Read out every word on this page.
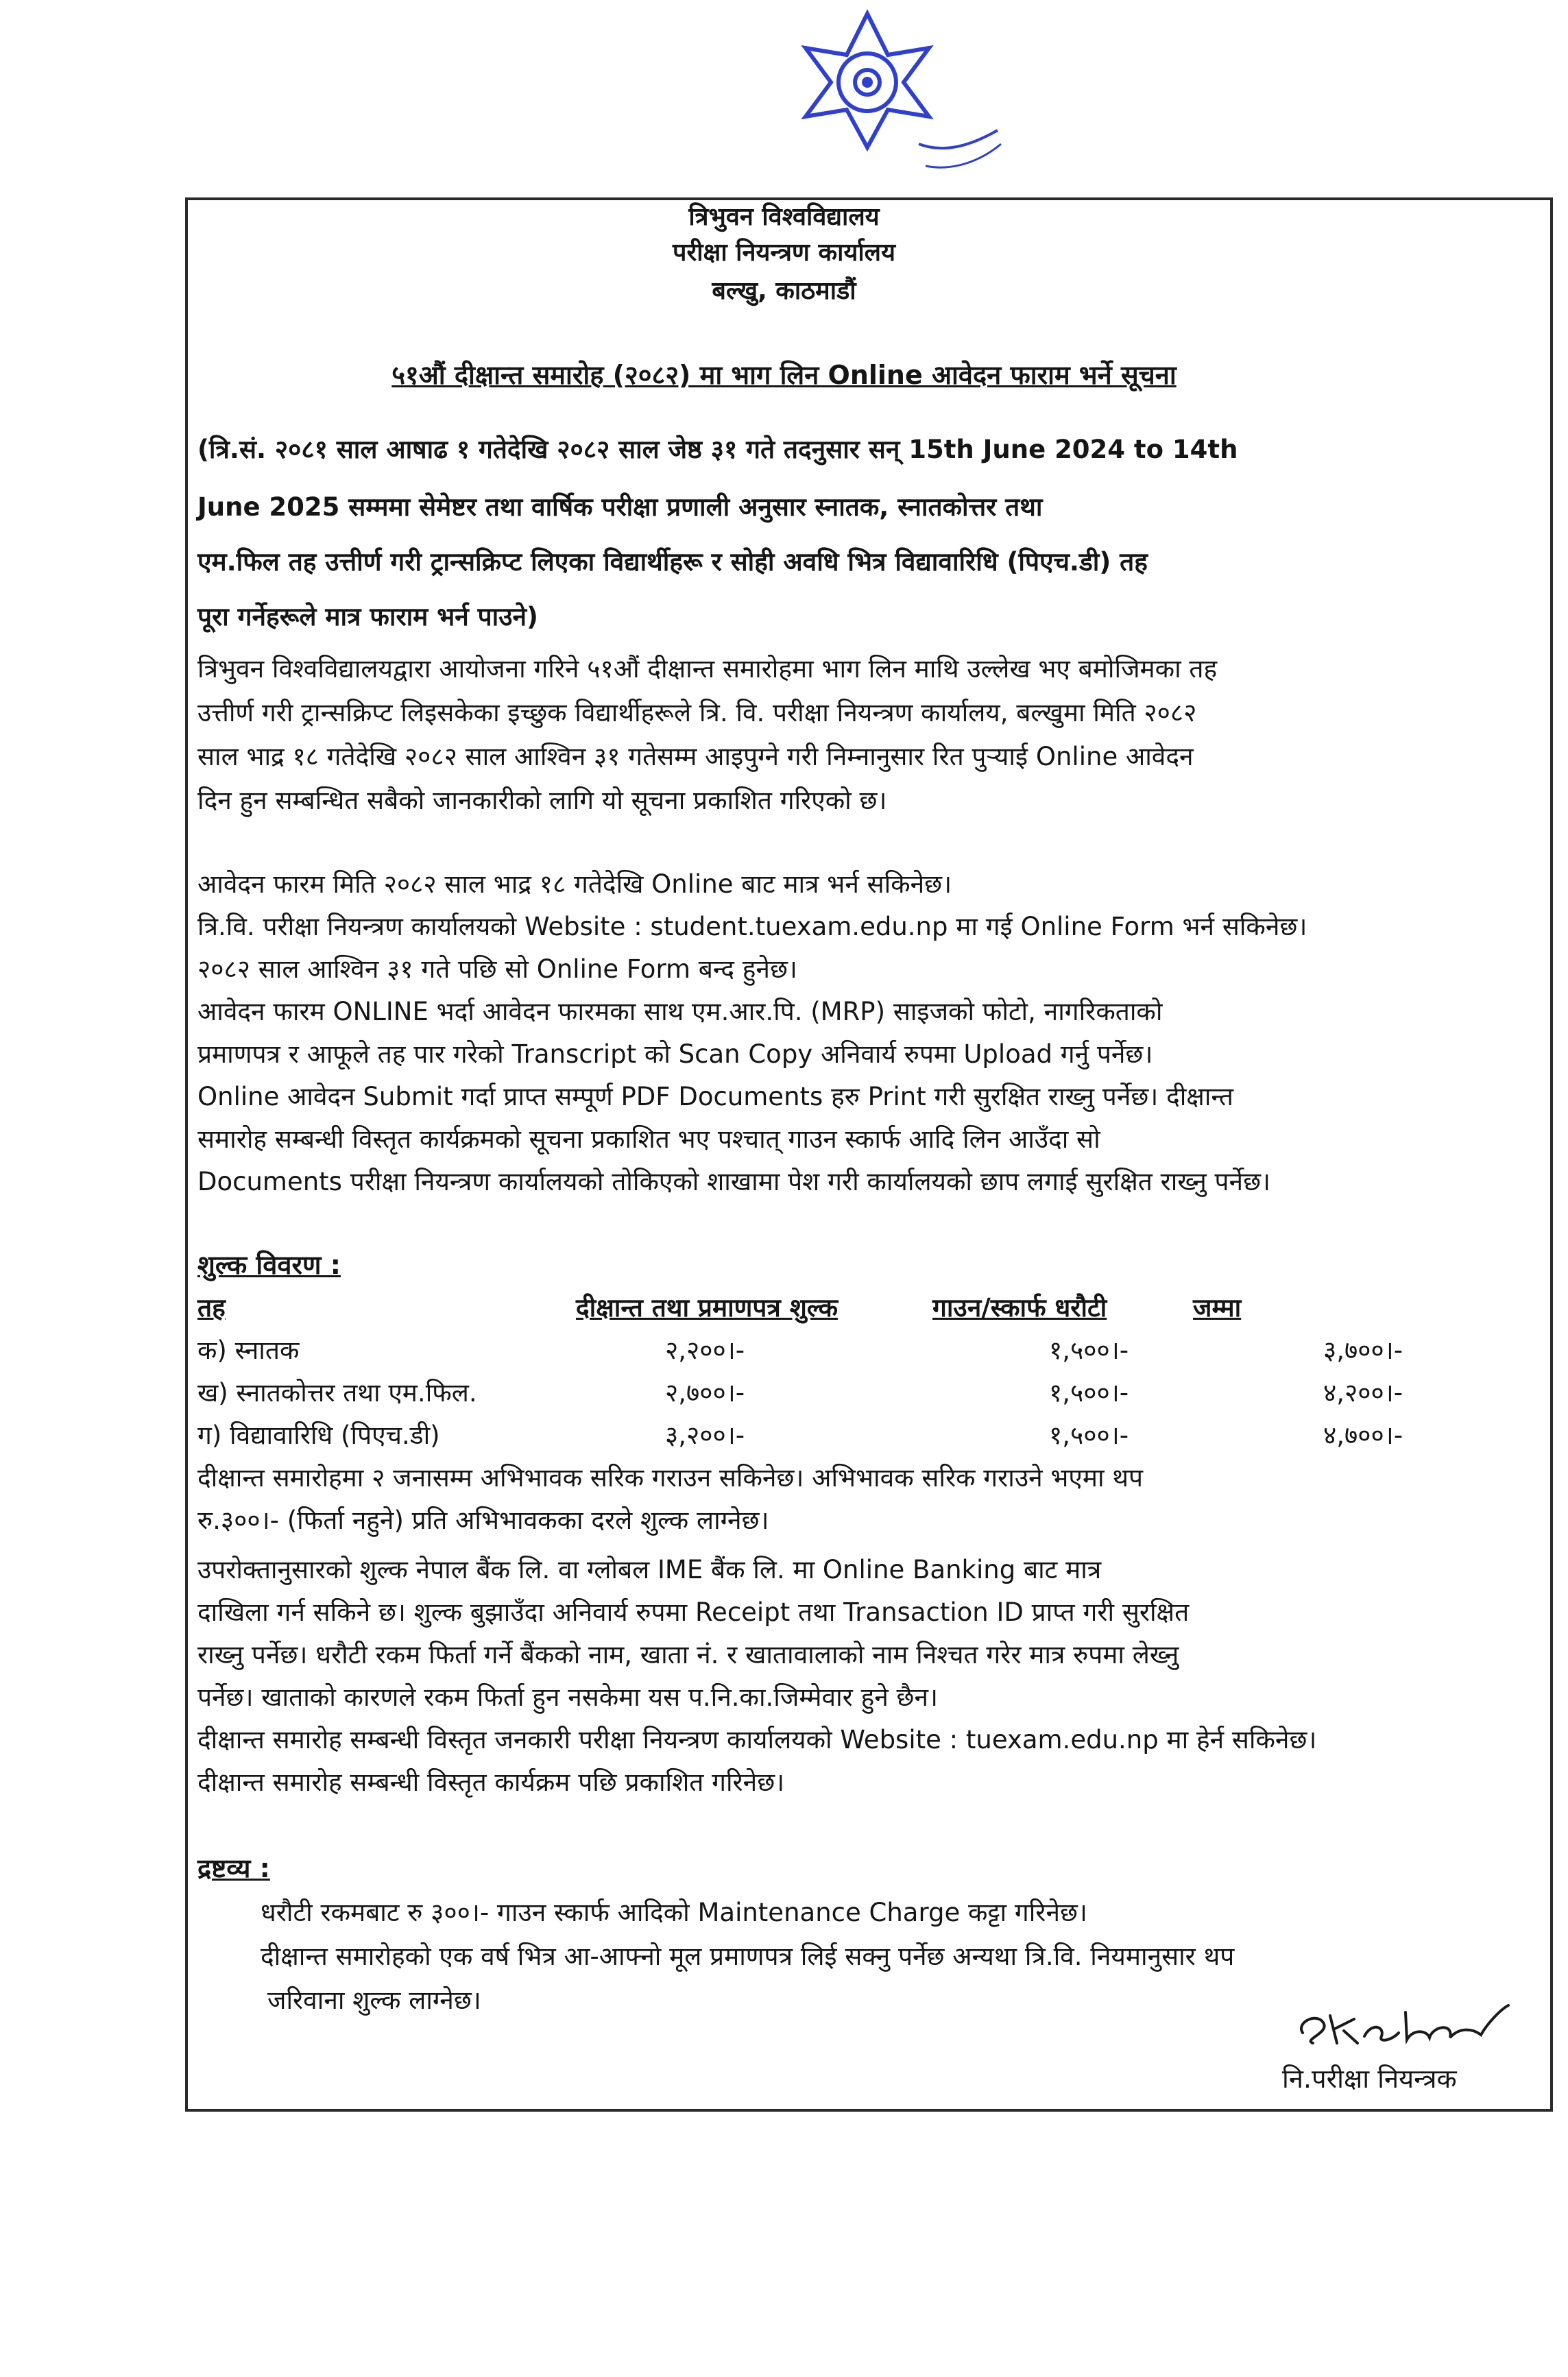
त्रिभुवन विश्वविद्यालय
परीक्षा नियन्त्रण कार्यालय
बल्खु, काठमाडौं
५१औं दीक्षान्त समारोह (२०८२) मा भाग लिन Online आवेदन फाराम भर्ने सूचना
(त्रि.सं. २०८१ साल आषाढ १ गतेदेखि २०८२ साल जेष्ठ ३१ गते तदनुसार सन् 15th June 2024 to 14th
June 2025 सम्ममा सेमेष्टर तथा वार्षिक परीक्षा प्रणाली अनुसार स्नातक, स्नातकोत्तर तथा
एम.फिल तह उत्तीर्ण गरी ट्रान्सक्रिप्ट लिएका विद्यार्थीहरू र सोही अवधि भित्र विद्यावारिधि (पिएच.डी) तह
पूरा गर्नेहरूले मात्र फाराम भर्न पाउने)
त्रिभुवन विश्वविद्यालयद्वारा आयोजना गरिने ५१औं दीक्षान्त समारोहमा भाग लिन माथि उल्लेख भए बमोजिमका तह
उत्तीर्ण गरी ट्रान्सक्रिप्ट लिइसकेका इच्छुक विद्यार्थीहरूले त्रि. वि. परीक्षा नियन्त्रण कार्यालय, बल्खुमा मिति २०८२
साल भाद्र १८ गतेदेखि २०८२ साल आश्विन ३१ गतेसम्म आइपुग्ने गरी निम्नानुसार रित पुर्‍याई Online आवेदन
दिन हुन सम्बन्धित सबैको जानकारीको लागि यो सूचना प्रकाशित गरिएको छ।
आवेदन फारम मिति २०८२ साल भाद्र १८ गतेदेखि Online बाट मात्र भर्न सकिनेछ।
त्रि.वि. परीक्षा नियन्त्रण कार्यालयको Website : student.tuexam.edu.np मा गई Online Form भर्न सकिनेछ।
२०८२ साल आश्विन ३१ गते पछि सो Online Form बन्द हुनेछ।
आवेदन फारम ONLINE भर्दा आवेदन फारमका साथ एम.आर.पि. (MRP) साइजको फोटो, नागरिकताको
प्रमाणपत्र र आफूले तह पार गरेको Transcript को Scan Copy अनिवार्य रुपमा Upload गर्नु पर्नेछ।
Online आवेदन Submit गर्दा प्राप्त सम्पूर्ण PDF Documents हरु Print गरी सुरक्षित राख्नु पर्नेछ। दीक्षान्त
समारोह सम्बन्धी विस्तृत कार्यक्रमको सूचना प्रकाशित भए पश्चात् गाउन स्कार्फ आदि लिन आउँदा सो
Documents परीक्षा नियन्त्रण कार्यालयको तोकिएको शाखामा पेश गरी कार्यालयको छाप लगाई सुरक्षित राख्नु पर्नेछ।
शुल्क विवरण :
तह	दीक्षान्त तथा प्रमाणपत्र शुल्क	गाउन/स्कार्फ धरौटी	जम्मा
क) स्नातक	२,२००।-	१,५००।-	३,७००।-
ख) स्नातकोत्तर तथा एम.फिल.	२,७००।-	१,५००।-	४,२००।-
ग) विद्यावारिधि (पिएच.डी)	३,२००।-	१,५००।-	४,७००।-
दीक्षान्त समारोहमा २ जनासम्म अभिभावक सरिक गराउन सकिनेछ। अभिभावक सरिक गराउने भएमा थप
रु.३००।- (फिर्ता नहुने) प्रति अभिभावकका दरले शुल्क लाग्नेछ।
उपरोक्तानुसारको शुल्क नेपाल बैंक लि. वा ग्लोबल IME बैंक लि. मा Online Banking बाट मात्र
दाखिला गर्न सकिने छ। शुल्क बुझाउँदा अनिवार्य रुपमा Receipt तथा Transaction ID प्राप्त गरी सुरक्षित
राख्नु पर्नेछ। धरौटी रकम फिर्ता गर्ने बैंकको नाम, खाता नं. र खातावालाको नाम निश्चत गरेर मात्र रुपमा लेख्नु
पर्नेछ। खाताको कारणले रकम फिर्ता हुन नसकेमा यस प.नि.का.जिम्मेवार हुने छैन।
दीक्षान्त समारोह सम्बन्धी विस्तृत जनकारी परीक्षा नियन्त्रण कार्यालयको Website : tuexam.edu.np मा हेर्न सकिनेछ।
दीक्षान्त समारोह सम्बन्धी विस्तृत कार्यक्रम पछि प्रकाशित गरिनेछ।
द्रष्टव्य :
धरौटी रकमबाट रु ३००।- गाउन स्कार्फ आदिको Maintenance Charge कट्टा गरिनेछ।
दीक्षान्त समारोहको एक वर्ष भित्र आ-आफ्नो मूल प्रमाणपत्र लिई सक्नु पर्नेछ अन्यथा त्रि.वि. नियमानुसार थप
जरिवाना शुल्क लाग्नेछ।
नि.परीक्षा नियन्त्रक
